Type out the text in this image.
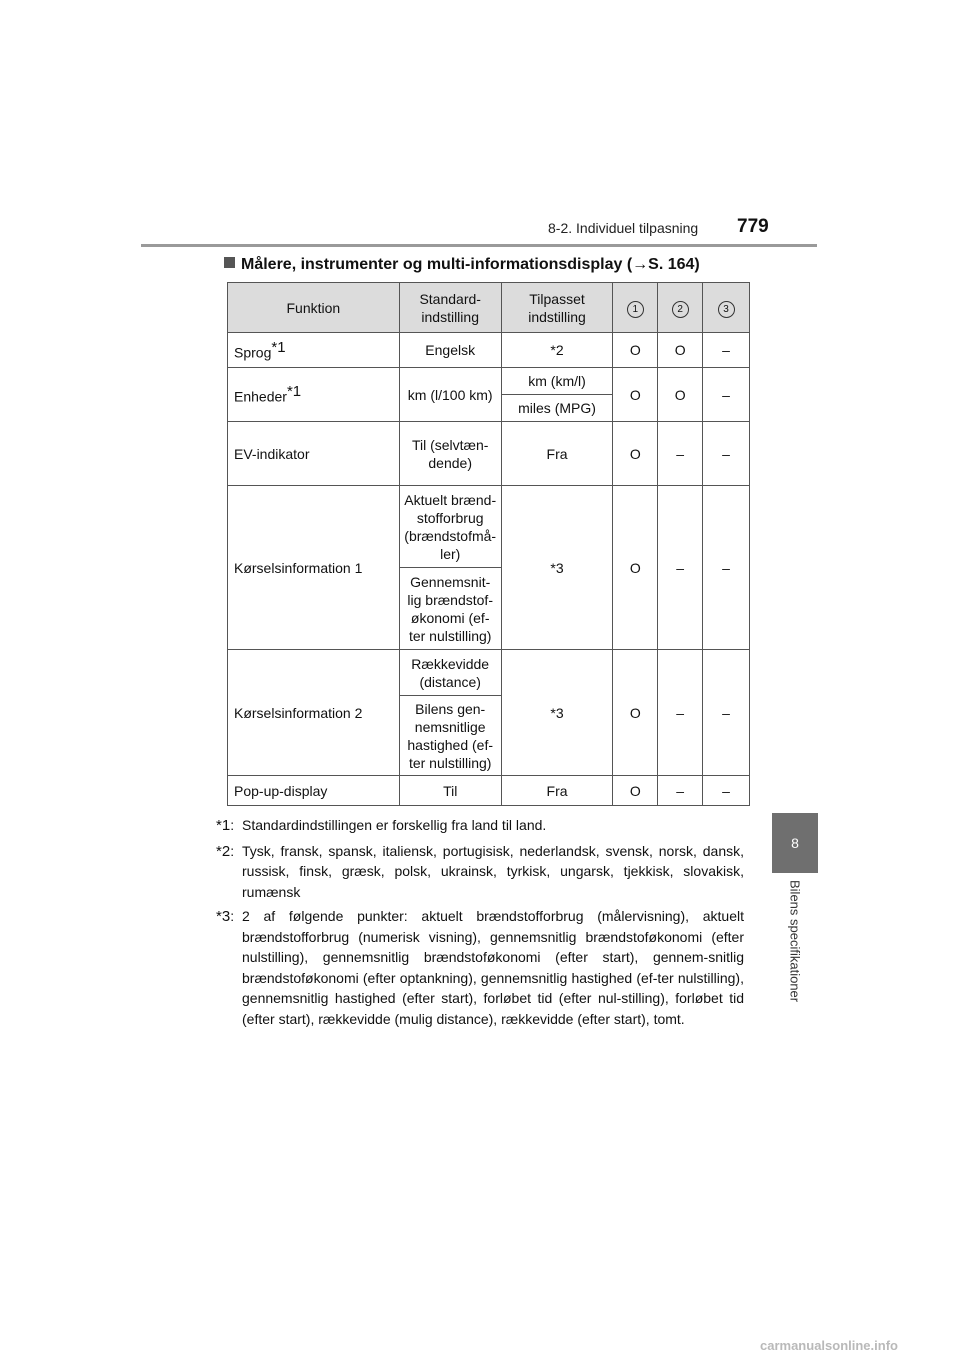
8-2. Individuel tilpasning 779
8
Bilens specifikationer
Målere, instrumenter og multi-informationsdisplay (→S. 164)
Funktion	Standard-indstilling	Tilpasset indstilling	1	2	3
Sprog$^{*1}$	Engelsk	*2	O	O	–
Enheder$^{*1}$	km (l/100 km)	km (km/l)	O	O	–
		miles (MPG)			
EV-indikator	Til (selvtæn-dende)	Fra	O	–	–
Kørselsinformation 1	Aktuelt brænd-stofforbrug (brændstofmå-ler)	*3	O	–	–
	Gennemsnit-lig brændstof-økonomi (ef-ter nulstilling)				
Kørselsinformation 2	Rækkevidde (distance)	*3	O	–	–
	Bilens gen-nemsnitlige hastighed (ef-ter nulstilling)				
Pop-up-display	Til	Fra	O	–	–
*1: Standardindstillingen er forskellig fra land til land.
*2: Tysk, fransk, spansk, italiensk, portugisisk, nederlandsk, svensk, norsk, dansk, russisk, finsk, græsk, polsk, ukrainsk, tyrkisk, ungarsk, tjekkisk, slovakisk, rumænsk
*3: 2 af følgende punkter: aktuelt brændstofforbrug (målervisning), aktuelt brændstofforbrug (numerisk visning), gennemsnitlig brændstoføkonomi (efter nulstilling), gennemsnitlig brændstoføkonomi (efter start), gennem-snitlig brændstoføkonomi (efter optankning), gennemsnitlig hastighed (ef-ter nulstilling), gennemsnitlig hastighed (efter start), forløbet tid (efter nul-stilling), forløbet tid (efter start), rækkevidde (mulig distance), rækkevidde (efter start), tomt.
carmanualsonline.info
